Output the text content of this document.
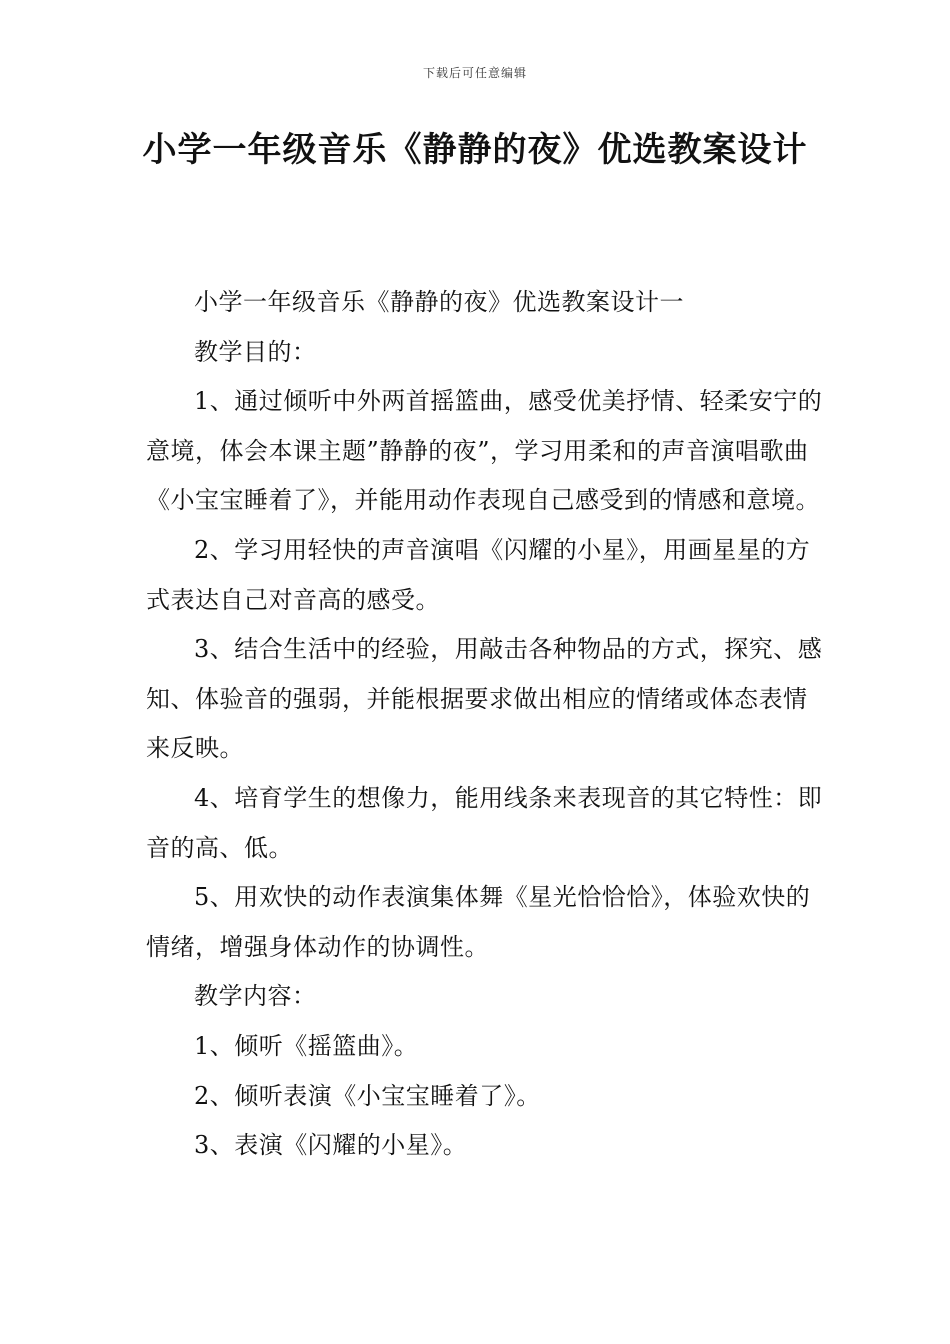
下载后可任意编辑
小学一年级音乐《静静的夜》优选教案设计

小学一年级音乐《静静的夜》优选教案设计一

教学目的：

1、通过倾听中外两首摇篮曲，感受优美抒情、轻柔安宁的意境，体会本课主题”静静的夜”，学习用柔和的声音演唱歌曲《小宝宝睡着了》，并能用动作表现自己感受到的情感和意境。

2、学习用轻快的声音演唱《闪耀的小星》，用画星星的方式表达自己对音高的感受。

3、结合生活中的经验，用敲击各种物品的方式，探究、感知、体验音的强弱，并能根据要求做出相应的情绪或体态表情来反映。

4、培育学生的想像力，能用线条来表现音的其它特性：即音的高、低。

5、用欢快的动作表演集体舞《星光恰恰恰》，体验欢快的情绪，增强身体动作的协调性。

教学内容：

1、倾听《摇篮曲》。

2、倾听表演《小宝宝睡着了》。

3、表演《闪耀的小星》。
